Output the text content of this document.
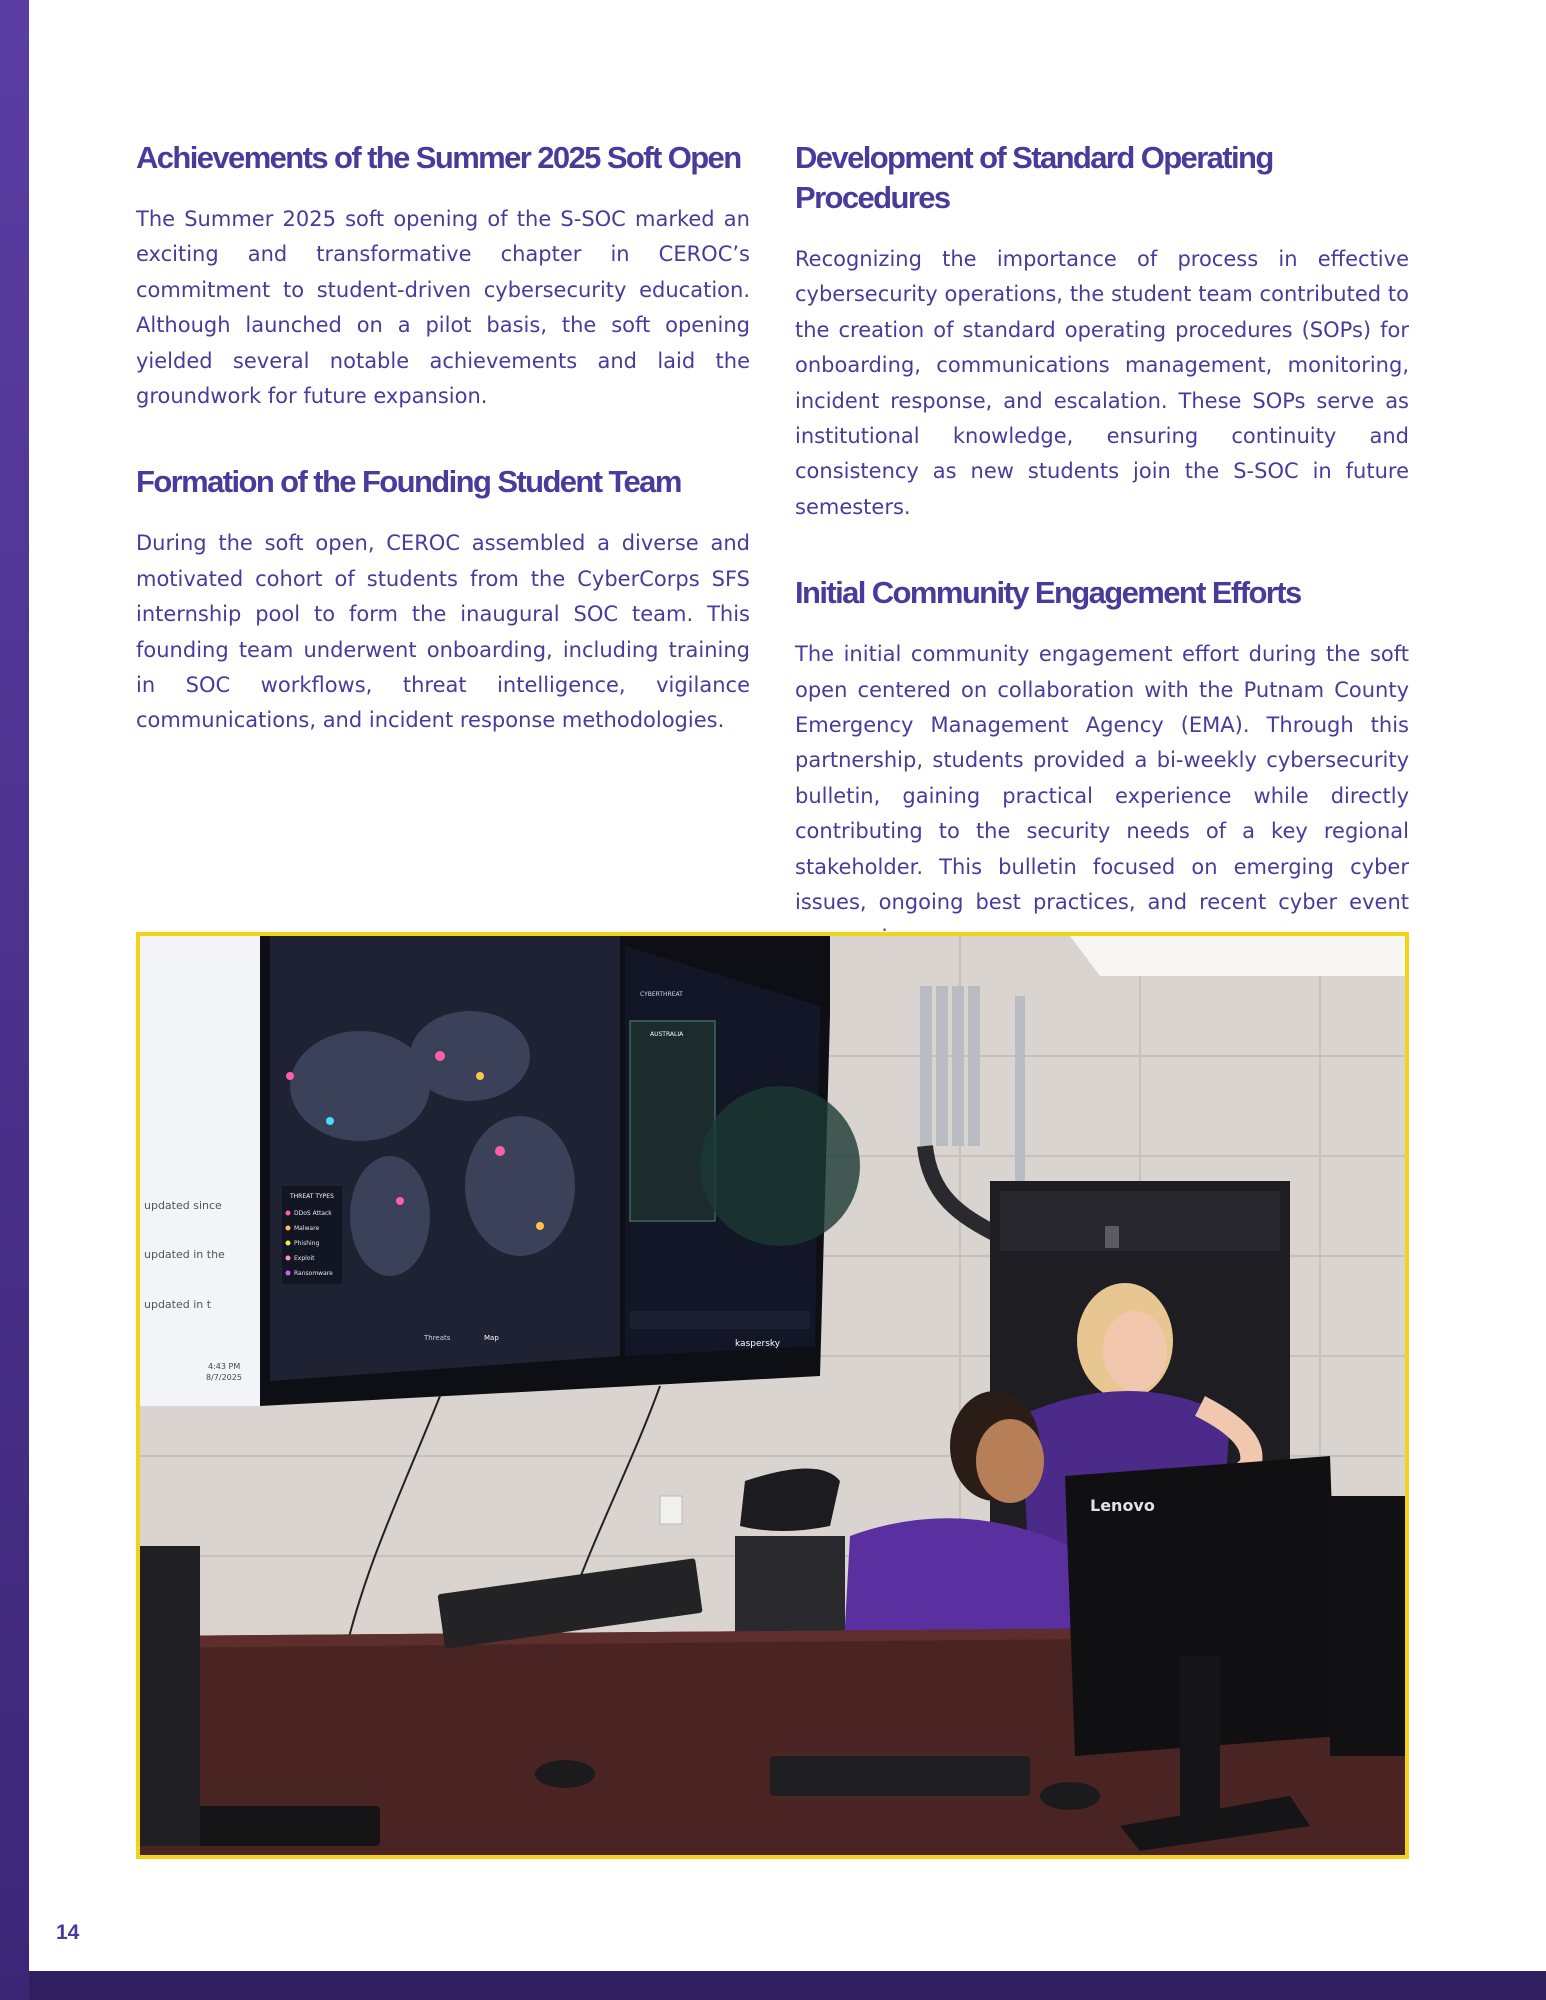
Achievements of the Summer 2025 Soft Open

The Summer 2025 soft opening of the S-SOC marked an exciting and transformative chapter in CEROC’s commitment to student-driven cybersecurity education. Although launched on a pilot basis, the soft opening yielded several notable achievements and laid the groundwork for future expansion.

Formation of the Founding Student Team

During the soft open, CEROC assembled a diverse and motivated cohort of students from the CyberCorps SFS internship pool to form the inaugural SOC team. This founding team underwent onboarding, including training in SOC workflows, threat intelligence, vigilance communications, and incident response methodologies.

Development of Standard Operating Procedures

Recognizing the importance of process in effective cybersecurity operations, the student team contributed to the creation of standard operating procedures (SOPs) for onboarding, communications management, monitoring, incident response, and escalation. These SOPs serve as institutional knowledge, ensuring continuity and consistency as new students join the S-SOC in future semesters.

Initial Community Engagement Efforts

The initial community engagement effort during the soft open centered on collaboration with the Putnam County Emergency Management Agency (EMA). Through this partnership, students provided a bi-weekly cybersecurity bulletin, gaining practical experience while directly contributing to the security needs of a key regional stakeholder. This bulletin focused on emerging cyber issues, ongoing best practices, and recent cyber event

updated since
updated in the
updated in t
4:43 PM
8/7/2025
THREAT TYPES
DDoS Attack
Malware
Phishing
Exploit
Ransomware
Threats	Map
CYBERTHREAT
AUSTRALIA
kaspersky
Lenovo
14
